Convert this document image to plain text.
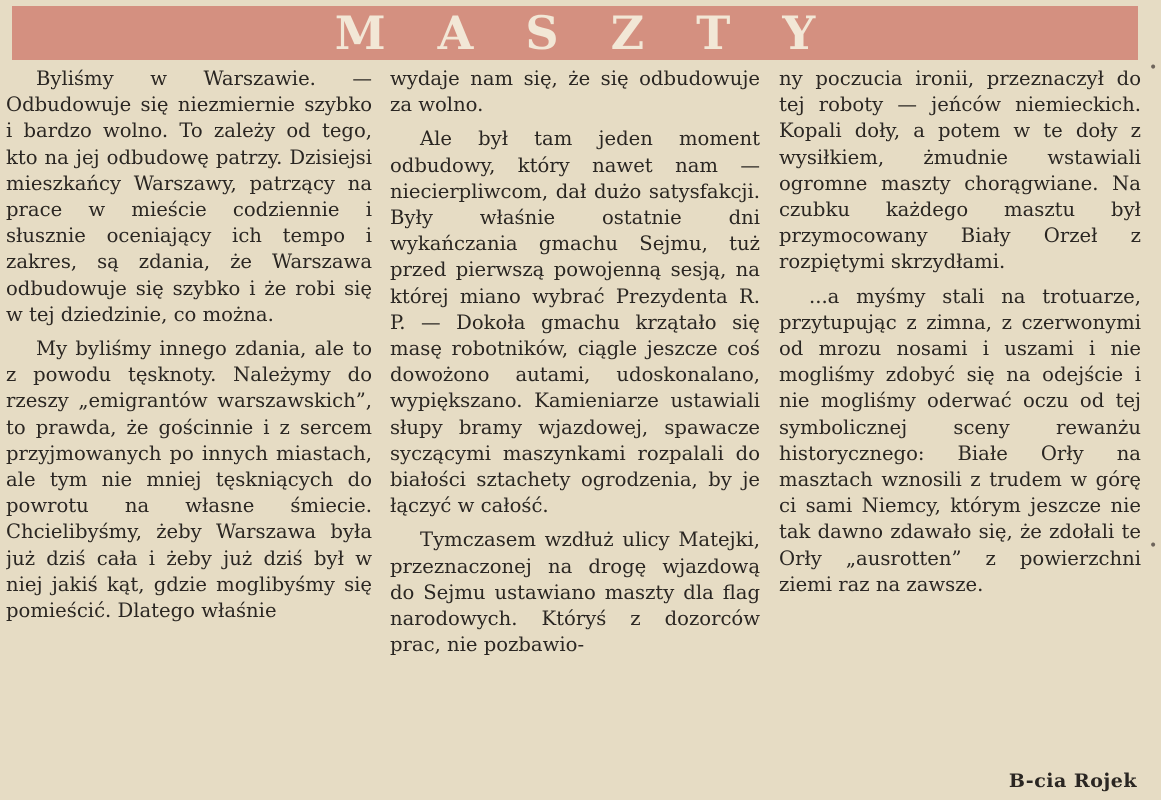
MASZTY

Byliśmy w Warszawie. — Odbudowuje się niezmiernie szybko i bardzo wolno. To zależy od tego, kto na jej odbudowę patrzy. Dzisiejsi mieszkańcy Warszawy, patrzący na prace w mieście codziennie i słusznie oceniający ich tempo i zakres, są zdania, że Warszawa odbudowuje się szybko i że robi się w tej dziedzinie, co można.

My byliśmy innego zdania, ale to z powodu tęsknoty. Należymy do rzeszy „emigrantów warszawskich”, to prawda, że gościnnie i z sercem przyjmowanych po innych miastach, ale tym nie mniej tęskniących do powrotu na własne śmiecie. Chcielibyśmy, żeby Warszawa była już dziś cała i żeby już dziś był w niej jakiś kąt, gdzie moglibyśmy się pomieścić. Dlatego właśnie

wydaje nam się, że się odbudowuje za wolno.

Ale był tam jeden moment odbudowy, który nawet nam — niecierpliwcom, dał dużo satysfakcji. Były właśnie ostatnie dni wykańczania gmachu Sejmu, tuż przed pierwszą powojenną sesją, na której miano wybrać Prezydenta R. P. — Dokoła gmachu krzątało się masę robotników, ciągle jeszcze coś dowożono autami, udoskonalano, wypiększano. Kamieniarze ustawiali słupy bramy wjazdowej, spawacze syczącymi maszynkami rozpalali do białości sztachety ogrodzenia, by je łączyć w całość.

Tymczasem wzdłuż ulicy Matejki, przeznaczonej na drogę wjazdową do Sejmu ustawiano maszty dla flag narodowych. Któryś z dozorców prac, nie pozbawio-

ny poczucia ironii, przeznaczył do tej roboty — jeńców niemieckich. Kopali doły, a potem w te doły z wysiłkiem, żmudnie wstawiali ogromne maszty chorągwiane. Na czubku każdego masztu był przymocowany Biały Orzeł z rozpiętymi skrzydłami.

...a myśmy stali na trotuarze, przytupując z zimna, z czerwonymi od mrozu nosami i uszami i nie mogliśmy zdobyć się na odejście i nie mogliśmy oderwać oczu od tej symbolicznej sceny rewanżu historycznego: Białe Orły na masztach wznosili z trudem w górę ci sami Niemcy, którym jeszcze nie tak dawno zdawało się, że zdołali te Orły „ausrotten” z powierzchni ziemi raz na zawsze.

B-cia Rojek
•
•
